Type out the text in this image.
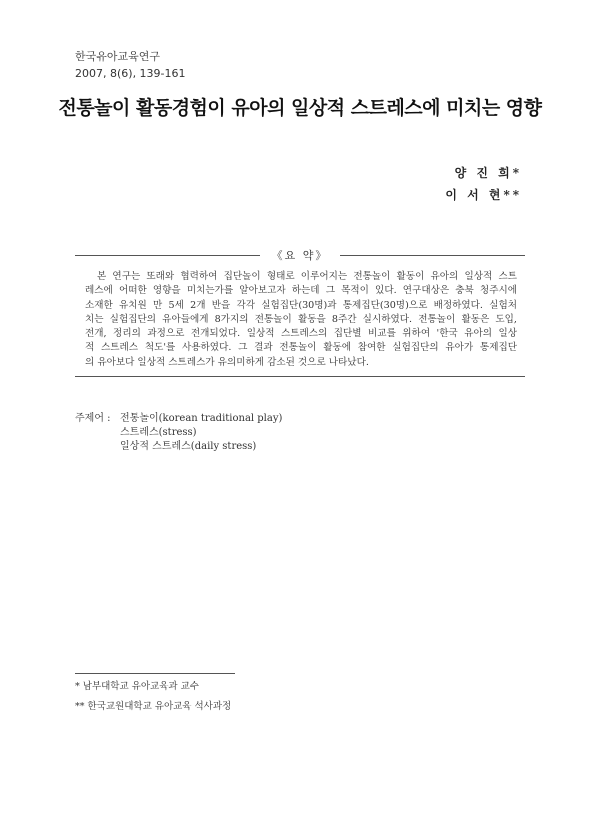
한국유아교육연구
2007, 8(6), 139-161
전통놀이 활동경험이 유아의 일상적 스트레스에 미치는 영향
양 진 희*
이 서 현**
《요 약》
본 연구는 또래와 협력하여 집단놀이 형태로 이루어지는 전통놀이 활동이 유아의 일상적 스트
레스에 어떠한 영향을 미치는가를 알아보고자 하는데 그 목적이 있다. 연구대상은 충북 청주시에
소재한 유치원 만 5세 2개 반을 각각 실험집단(30명)과 통제집단(30명)으로 배정하였다. 실험처
치는 실험집단의 유아들에게 8가지의 전통놀이 활동을 8주간 실시하였다. 전통놀이 활동은 도입,
전개, 정리의 과정으로 전개되었다. 일상적 스트레스의 집단별 비교를 위하여 '한국 유아의 일상
적 스트레스 척도'를 사용하였다. 그 결과 전통놀이 활동에 참여한 실험집단의 유아가 통제집단
의 유아보다 일상적 스트레스가 유의미하게 감소된 것으로 나타났다.
주제어 : 전통놀이(korean traditional play)
스트레스(stress)
일상적 스트레스(daily stress)
* 남부대학교 유아교육과 교수
** 한국교원대학교 유아교육 석사과정
